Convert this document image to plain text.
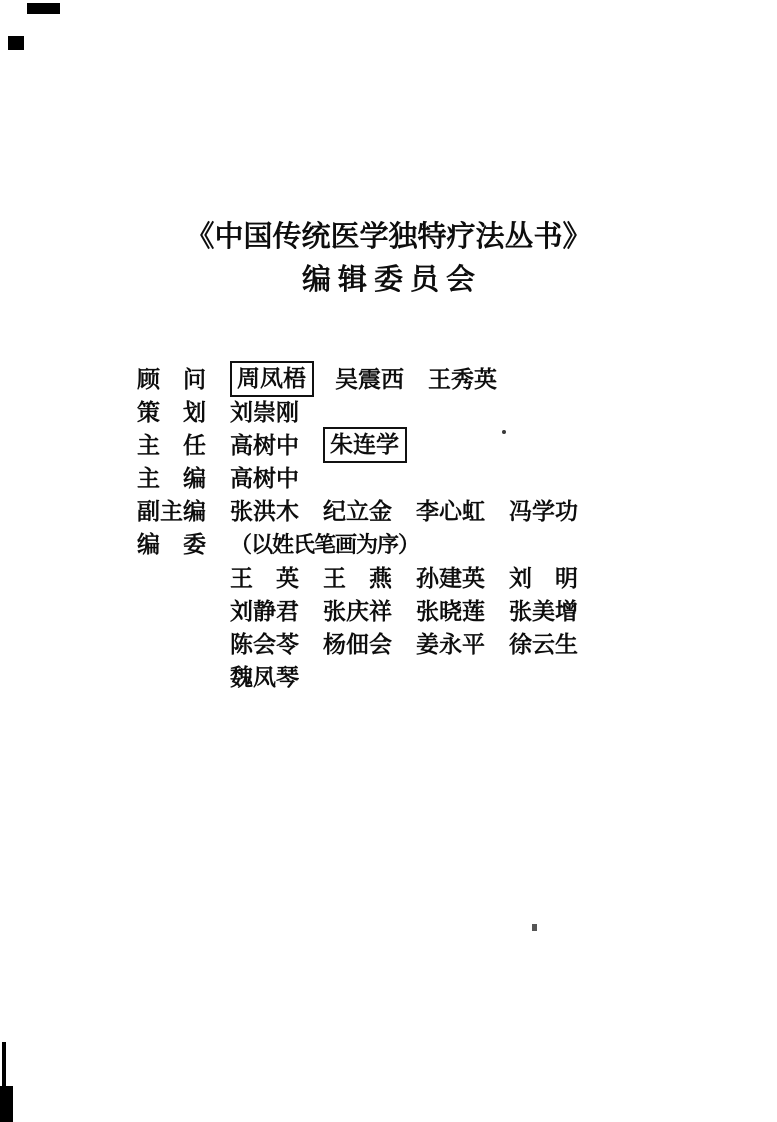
《中国传统医学独特疗法丛书》
编辑委员会
顾　问	周凤梧	吴震西 王秀英
策　划 刘崇刚
主　任 高树中	朱连学
主　编 高树中
副主编 张洪木 纪立金 李心虹 冯学功
编　委 （以姓氏笔画为序）
王　英 王　燕 孙建英 刘　明
刘静君 张庆祥 张晓莲 张美增
陈会苓 杨佃会 姜永平 徐云生
魏凤琴
